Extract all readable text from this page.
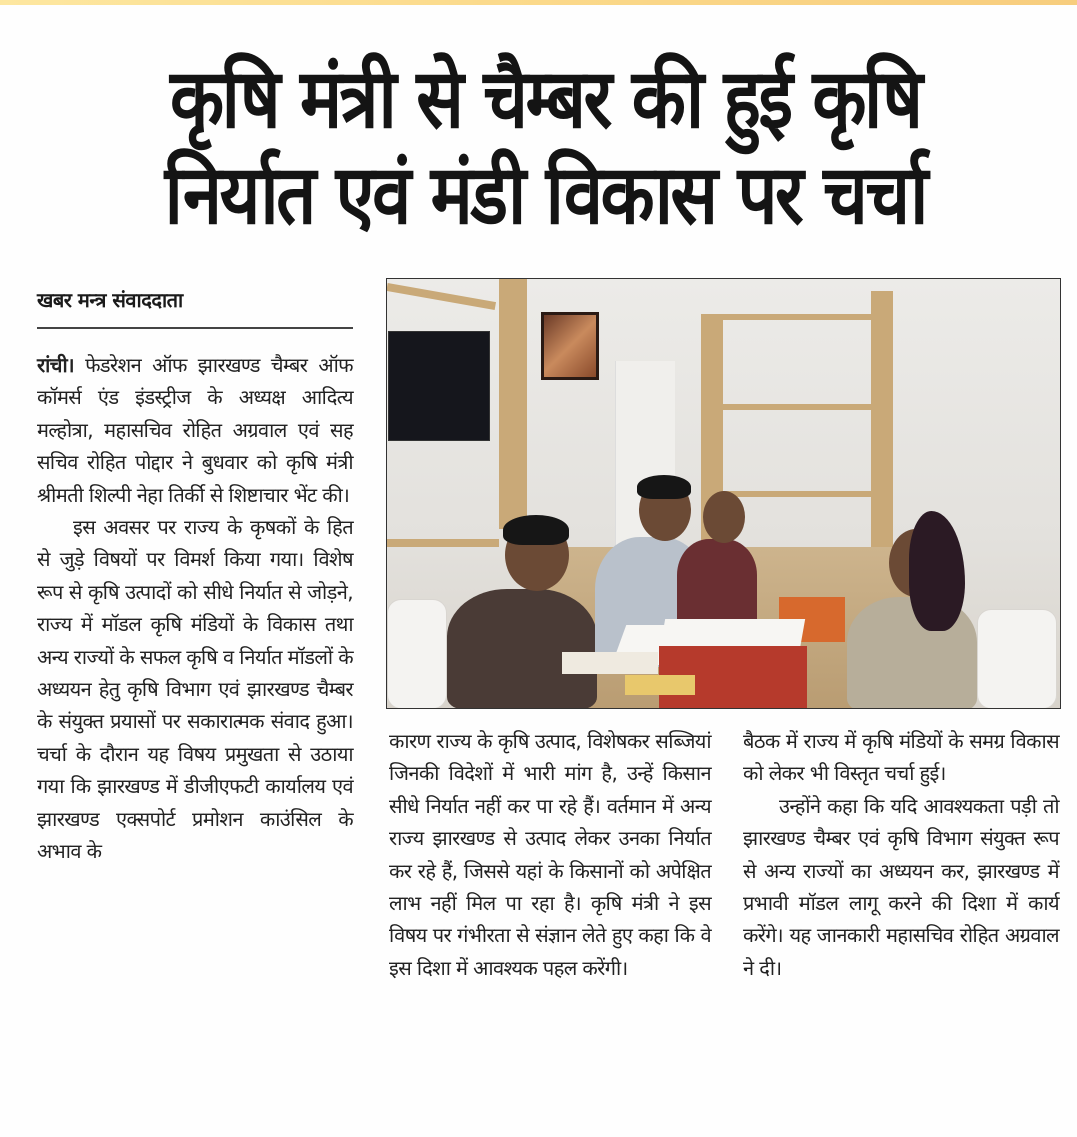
कृषि मंत्री से चैम्बर की हुई कृषि
निर्यात एवं मंडी विकास पर चर्चा
खबर मन्त्र संवाददाता

रांची। फेडरेशन ऑफ झारखण्ड चैम्बर ऑफ कॉमर्स एंड इंडस्ट्रीज के अध्यक्ष आदित्य मल्होत्रा, महासचिव रोहित अग्रवाल एवं सह सचिव रोहित पोद्दार ने बुधवार को कृषि मंत्री श्रीमती शिल्पी नेहा तिर्की से शिष्टाचार भेंट की।

इस अवसर पर राज्य के कृषकों के हित से जुड़े विषयों पर विमर्श किया गया। विशेष रूप से कृषि उत्पादों को सीधे निर्यात से जोड़ने, राज्य में मॉडल कृषि मंडियों के विकास तथा अन्य राज्यों के सफल कृषि व निर्यात मॉडलों के अध्ययन हेतु कृषि विभाग एवं झारखण्ड चैम्बर के संयुक्त प्रयासों पर सकारात्मक संवाद हुआ। चर्चा के दौरान यह विषय प्रमुखता से उठाया गया कि झारखण्ड में डीजीएफटी कार्यालय एवं झारखण्ड एक्सपोर्ट प्रमोशन काउंसिल के अभाव के

कारण राज्य के कृषि उत्पाद, विशेषकर सब्जियां जिनकी विदेशों में भारी मांग है, उन्हें किसान सीधे निर्यात नहीं कर पा रहे हैं। वर्तमान में अन्य राज्य झारखण्ड से उत्पाद लेकर उनका निर्यात कर रहे हैं, जिससे यहां के किसानों को अपेक्षित लाभ नहीं मिल पा रहा है। कृषि मंत्री ने इस विषय पर गंभीरता से संज्ञान लेते हुए कहा कि वे इस दिशा में आवश्यक पहल करेंगी।

बैठक में राज्य में कृषि मंडियों के समग्र विकास को लेकर भी विस्तृत चर्चा हुई।

उन्होंने कहा कि यदि आवश्यकता पड़ी तो झारखण्ड चैम्बर एवं कृषि विभाग संयुक्त रूप से अन्य राज्यों का अध्ययन कर, झारखण्ड में प्रभावी मॉडल लागू करने की दिशा में कार्य करेंगे। यह जानकारी महासचिव रोहित अग्रवाल ने दी।
